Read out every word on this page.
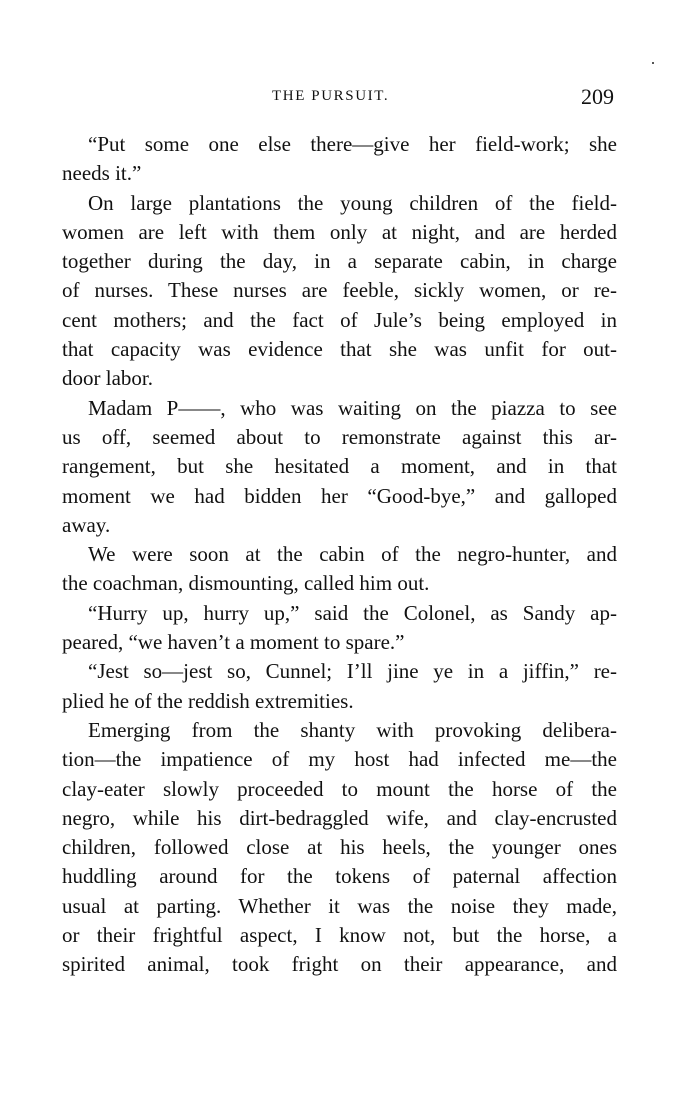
THE PURSUIT.	209
“Put some one else there—give her field-work; she
needs it.”
On large plantations the young children of the field-
women are left with them only at night, and are herded
together during the day, in a separate cabin, in charge
of nurses. These nurses are feeble, sickly women, or re-
cent mothers; and the fact of Jule’s being employed in
that capacity was evidence that she was unfit for out-
door labor.
Madam P——, who was waiting on the piazza to see
us off, seemed about to remonstrate against this ar-
rangement, but she hesitated a moment, and in that
moment we had bidden her “Good-bye,” and galloped
away.
We were soon at the cabin of the negro-hunter, and
the coachman, dismounting, called him out.
“Hurry up, hurry up,” said the Colonel, as Sandy ap-
peared, “we haven’t a moment to spare.”
“Jest so—jest so, Cunnel; I’ll jine ye in a jiffin,” re-
plied he of the reddish extremities.
Emerging from the shanty with provoking delibera-
tion—the impatience of my host had infected me—the
clay-eater slowly proceeded to mount the horse of the
negro, while his dirt-bedraggled wife, and clay-encrusted
children, followed close at his heels, the younger ones
huddling around for the tokens of paternal affection
usual at parting. Whether it was the noise they made,
or their frightful aspect, I know not, but the horse, a
spirited animal, took fright on their appearance, and
